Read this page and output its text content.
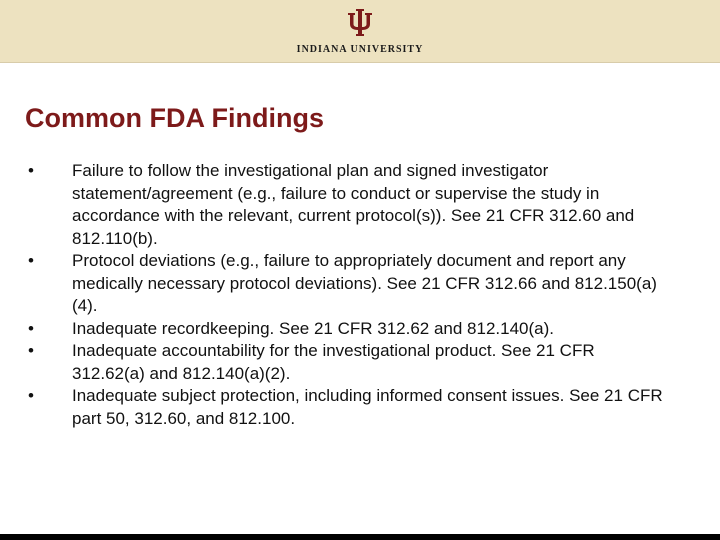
INDIANA UNIVERSITY
Common FDA Findings
•	Failure to follow the investigational plan and signed investigator statement/agreement (e.g., failure to conduct or supervise the study in accordance with the relevant, current protocol(s)). See 21 CFR 312.60 and 812.110(b).
•	Protocol deviations (e.g., failure to appropriately document and report any medically necessary protocol deviations). See 21 CFR 312.66 and 812.150(a)(4).
•	Inadequate recordkeeping. See 21 CFR 312.62 and 812.140(a).
•	Inadequate accountability for the investigational product. See 21 CFR 312.62(a) and 812.140(a)(2).
•	Inadequate subject protection, including informed consent issues. See 21 CFR part 50, 312.60, and 812.100.
